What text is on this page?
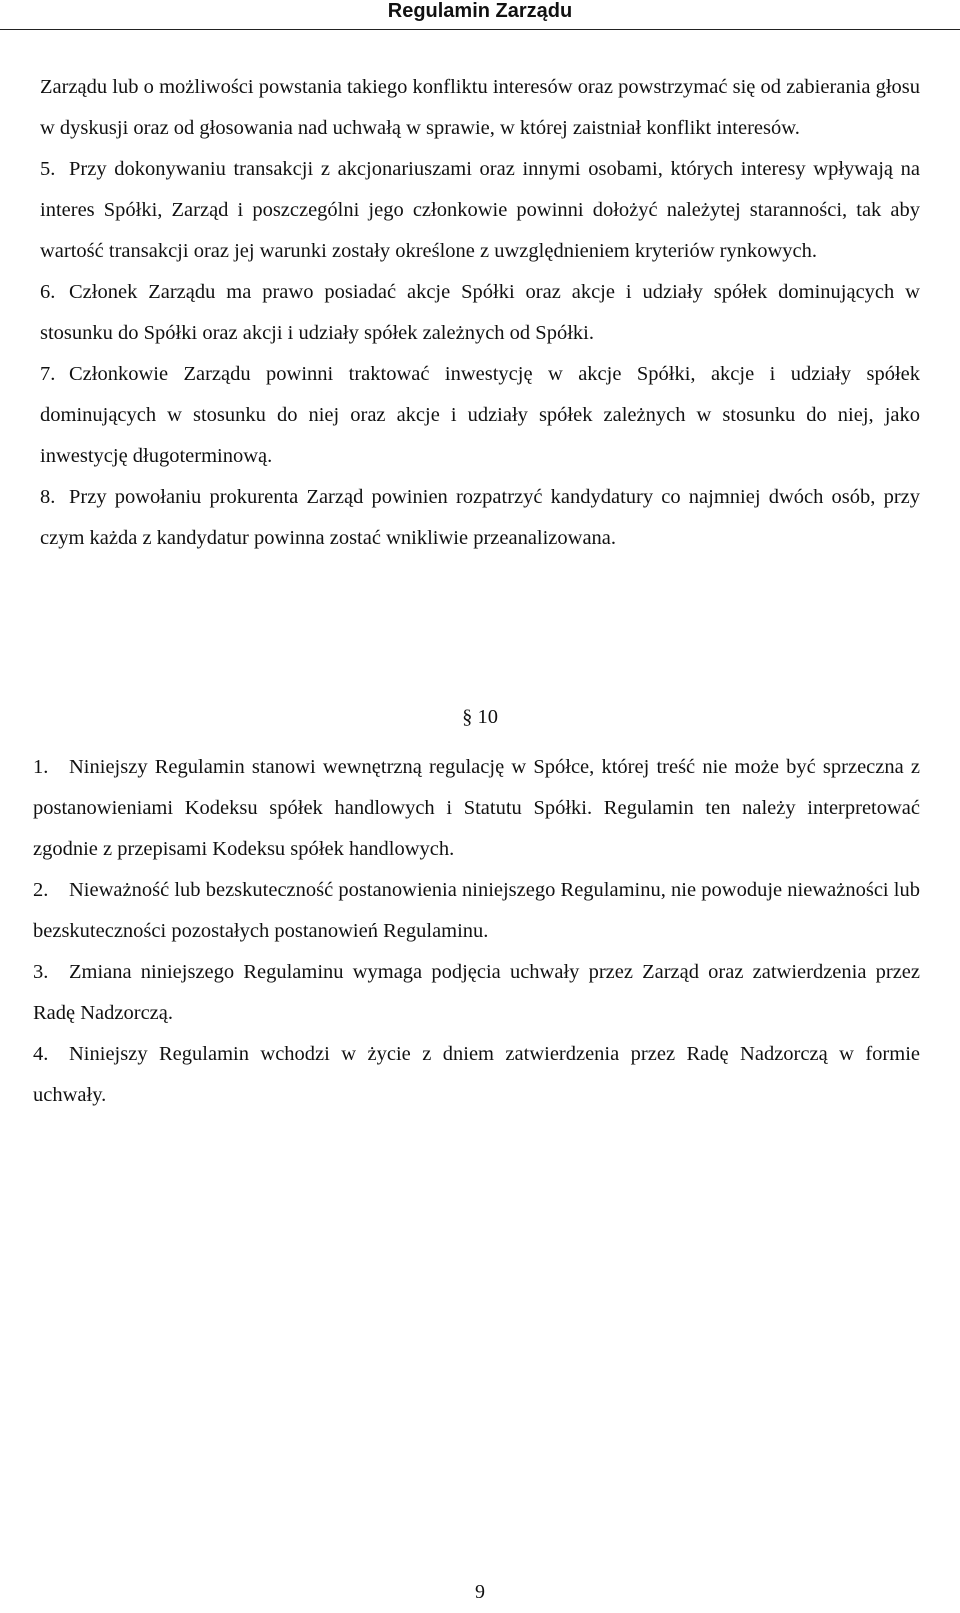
Regulamin Zarządu
Zarządu lub o możliwości powstania takiego konfliktu interesów oraz powstrzymać się od zabierania głosu w dyskusji oraz od głosowania nad uchwałą w sprawie, w której zaistniał konflikt interesów.
5. Przy dokonywaniu transakcji z akcjonariuszami oraz innymi osobami, których interesy wpływają na interes Spółki, Zarząd i poszczególni jego członkowie powinni dołożyć należytej staranności, tak aby wartość transakcji oraz jej warunki zostały określone z uwzględnieniem kryteriów rynkowych.
6. Członek Zarządu ma prawo posiadać akcje Spółki oraz akcje i udziały spółek dominujących w stosunku do Spółki oraz akcji i udziały spółek zależnych od Spółki.
7. Członkowie Zarządu powinni traktować inwestycję w akcje Spółki, akcje i udziały spółek dominujących w stosunku do niej oraz akcje i udziały spółek zależnych w stosunku do niej, jako inwestycję długoterminową.
8. Przy powołaniu prokurenta Zarząd powinien rozpatrzyć kandydatury co najmniej dwóch osób, przy czym każda z kandydatur powinna zostać wnikliwie przeanalizowana.
§ 10
1. Niniejszy Regulamin stanowi wewnętrzną regulację w Spółce, której treść nie może być sprzeczna z postanowieniami Kodeksu spółek handlowych i Statutu Spółki. Regulamin ten należy interpretować zgodnie z przepisami Kodeksu spółek handlowych.
2. Nieważność lub bezskuteczność postanowienia niniejszego Regulaminu, nie powoduje nieważności lub bezskuteczności pozostałych postanowień Regulaminu.
3. Zmiana niniejszego Regulaminu wymaga podjęcia uchwały przez Zarząd oraz zatwierdzenia przez Radę Nadzorczą.
4. Niniejszy Regulamin wchodzi w życie z dniem zatwierdzenia przez Radę Nadzorczą w formie uchwały.
9
